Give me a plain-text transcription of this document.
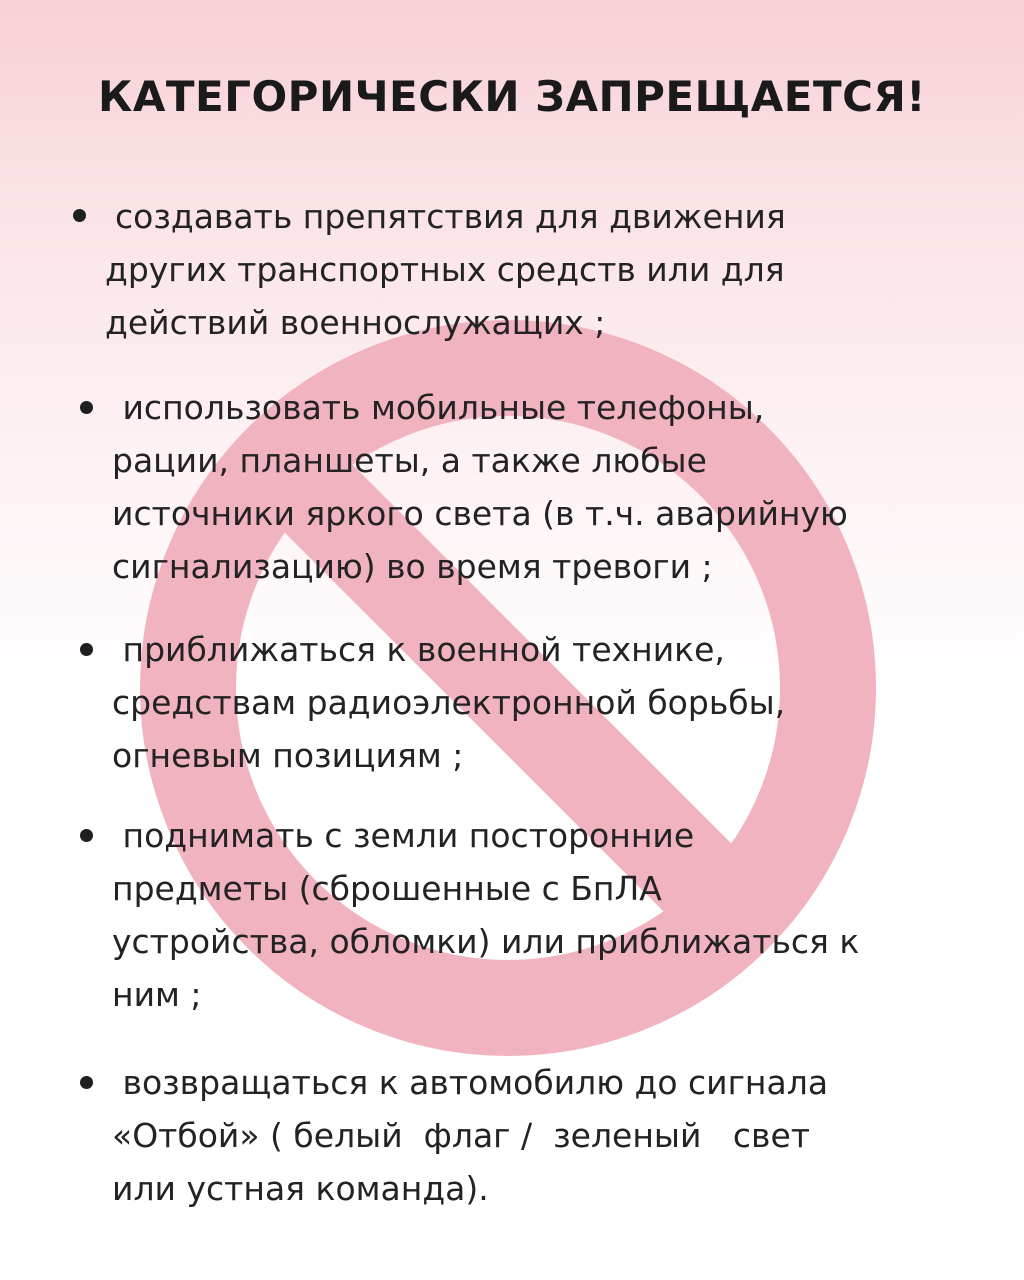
КАТЕГОРИЧЕСКИ ЗАПРЕЩАЕТСЯ!
создавать препятствия для движения
других транспортных средств или для
действий военнослужащих ;
использовать мобильные телефоны,
рации, планшеты, а также любые
источники яркого света (в т.ч. аварийную
сигнализацию) во время тревоги ;
приближаться к военной технике,
средствам радиоэлектронной борьбы,
огневым позициям ;
поднимать с земли посторонние
предметы (сброшенные с БпЛА
устройства, обломки) или приближаться к
ним ;
возвращаться к автомобилю до сигнала
«Отбой» ( белый  флаг /  зеленый   свет
или устная команда).
